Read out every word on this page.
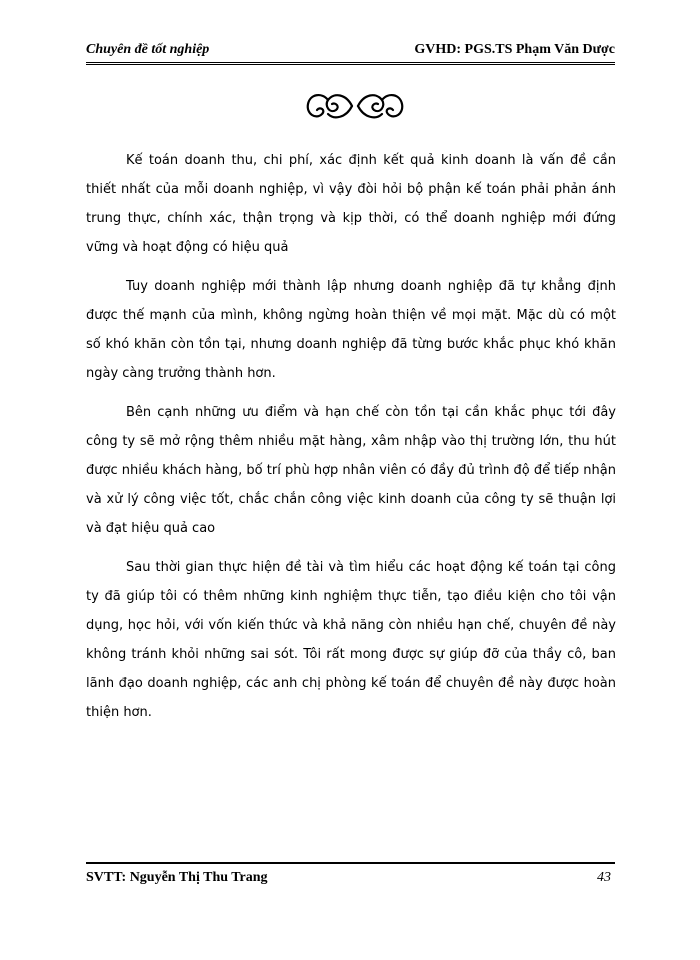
Chuyên đề tốt nghiệp	GVHD: PGS.TS Phạm Văn Dược

Kế toán doanh thu, chi phí, xác định kết quả kinh doanh là vấn đề cần thiết nhất của mỗi doanh nghiệp, vì vậy đòi hỏi bộ phận kế toán phải phản ánh trung thực, chính xác, thận trọng và kịp thời, có thể doanh nghiệp mới đứng vững và hoạt động có hiệu quả

Tuy doanh nghiệp mới thành lập nhưng doanh nghiệp đã tự khẳng định được thế mạnh của mình, không ngừng hoàn thiện về mọi mặt. Mặc dù có một số khó khăn còn tồn tại, nhưng doanh nghiệp đã từng bước khắc phục khó khăn ngày càng trưởng thành hơn.

Bên cạnh những ưu điểm và hạn chế còn tồn tại cần khắc phục tới đây công ty sẽ mở rộng thêm nhiều mặt hàng, xâm nhập vào thị trường lớn, thu hút được nhiều khách hàng, bố trí phù hợp nhân viên có đầy đủ trình độ để tiếp nhận và xử lý công việc tốt, chắc chắn công việc kinh doanh của công ty sẽ thuận lợi và đạt hiệu quả cao

Sau thời gian thực hiện đề tài và tìm hiểu các hoạt động kế toán tại công ty đã giúp tôi có thêm những kinh nghiệm thực tiễn, tạo điều kiện cho tôi vận dụng, học hỏi, với vốn kiến thức và khả năng còn nhiều hạn chế, chuyên đề này không tránh khỏi những sai sót. Tôi rất mong được sự giúp đỡ của thầy cô, ban lãnh đạo doanh nghiệp, các anh chị phòng kế toán để chuyên đề này được hoàn thiện hơn.

SVTT: Nguyễn Thị Thu Trang	43
